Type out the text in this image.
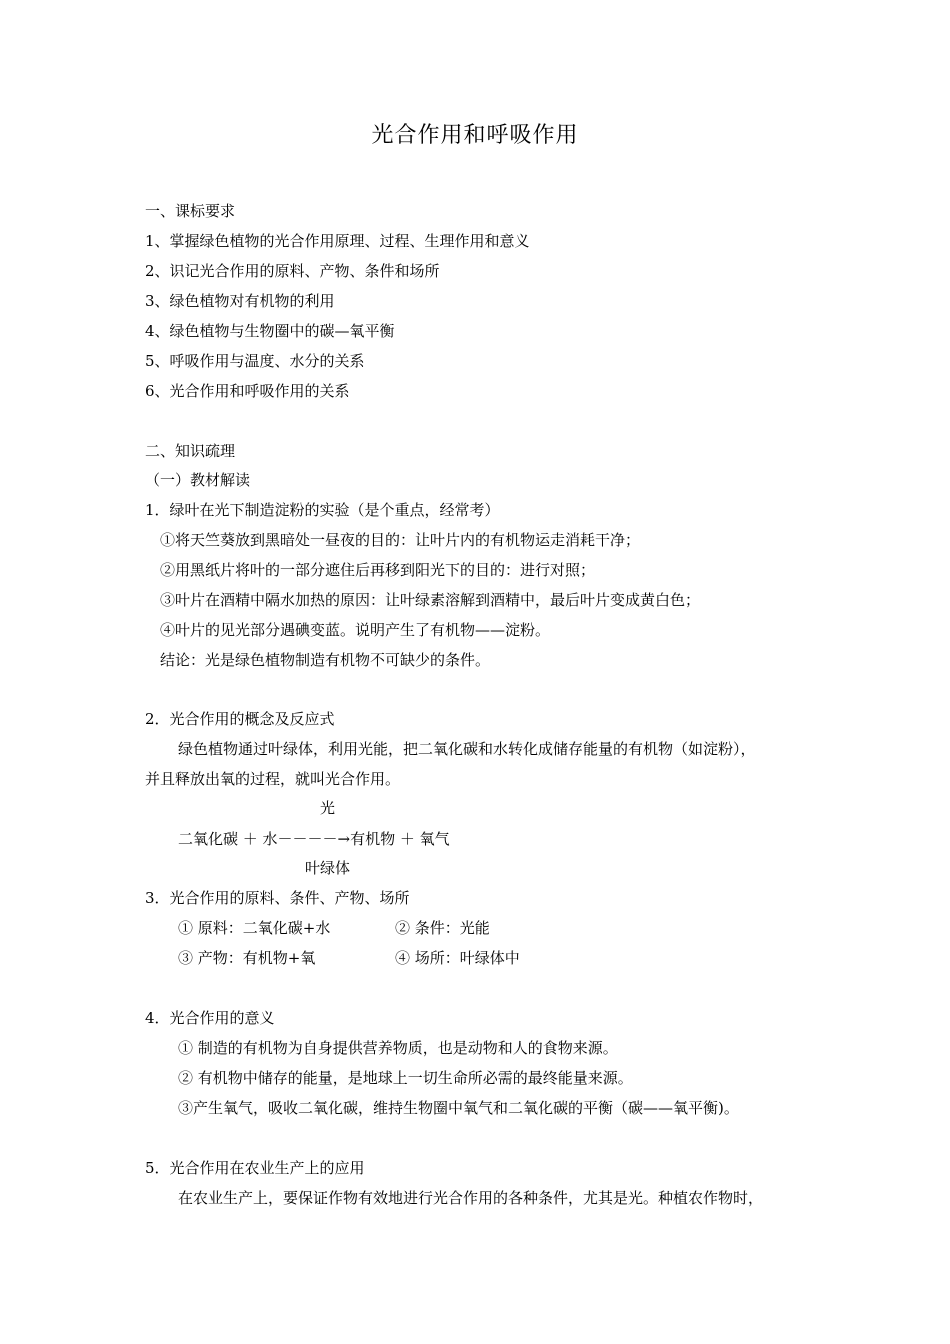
光合作用和呼吸作用
一、课标要求
1、掌握绿色植物的光合作用原理、过程、生理作用和意义
2、识记光合作用的原料、产物、条件和场所
3、绿色植物对有机物的利用
4、绿色植物与生物圈中的碳—氧平衡
5、呼吸作用与温度、水分的关系
6、光合作用和呼吸作用的关系
二、知识疏理
（一）教材解读
1．绿叶在光下制造淀粉的实验（是个重点，经常考）
①将天竺葵放到黑暗处一昼夜的目的：让叶片内的有机物运走消耗干净；
②用黑纸片将叶的一部分遮住后再移到阳光下的目的：进行对照；
③叶片在酒精中隔水加热的原因：让叶绿素溶解到酒精中，最后叶片变成黄白色；
④叶片的见光部分遇碘变蓝。说明产生了有机物——淀粉。
结论：光是绿色植物制造有机物不可缺少的条件。
2．光合作用的概念及反应式
绿色植物通过叶绿体，利用光能，把二氧化碳和水转化成储存能量的有机物（如淀粉），
并且释放出氧的过程，就叫光合作用。
光
二氧化碳 ＋ 水－－－－→有机物 ＋ 氧气
叶绿体
3．光合作用的原料、条件、产物、场所
① 原料：二氧化碳+水	② 条件：光能
③ 产物：有机物+氧	④ 场所：叶绿体中
4．光合作用的意义
① 制造的有机物为自身提供营养物质，也是动物和人的食物来源。
② 有机物中储存的能量，是地球上一切生命所必需的最终能量来源。
③产生氧气，吸收二氧化碳，维持生物圈中氧气和二氧化碳的平衡（碳——氧平衡)。
5．光合作用在农业生产上的应用
在农业生产上，要保证作物有效地进行光合作用的各种条件，尤其是光。种植农作物时，
